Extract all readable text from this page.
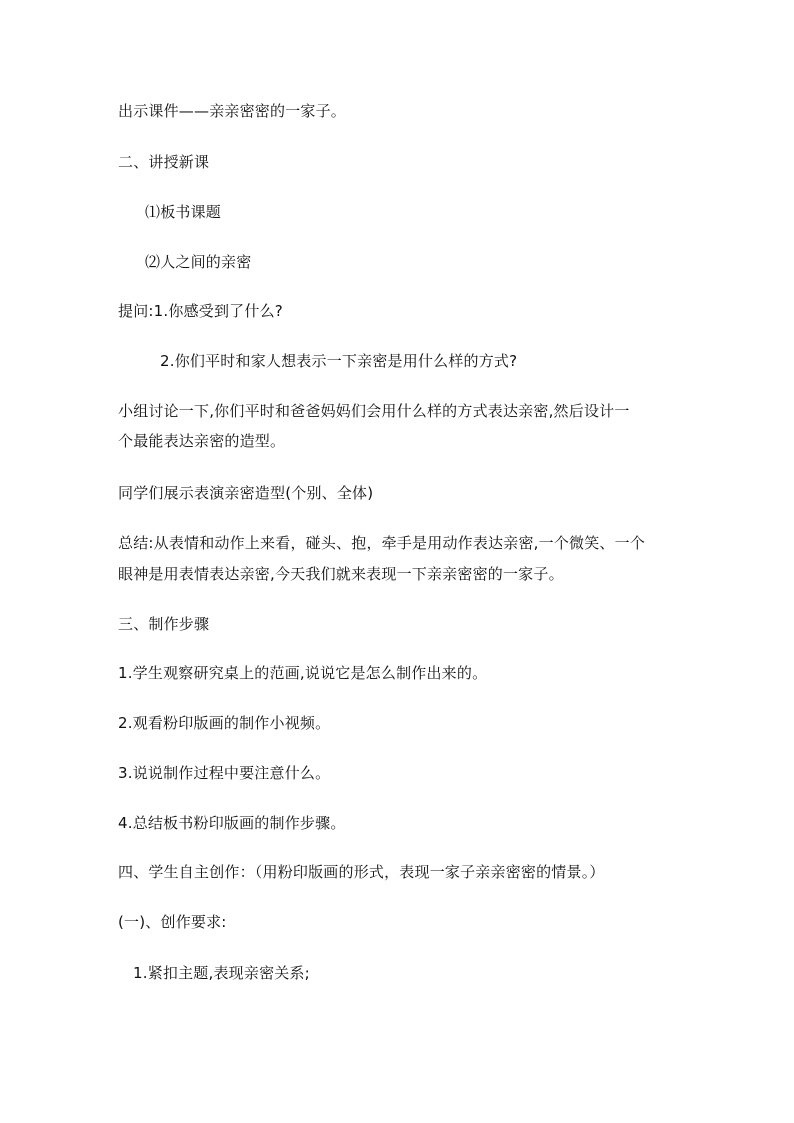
出示课件——亲亲密密的一家子。
二、讲授新课
⑴板书课题
⑵人之间的亲密
提问:1.你感受到了什么?
2.你们平时和家人想表示一下亲密是用什么样的方式?
小组讨论一下,你们平时和爸爸妈妈们会用什么样的方式表达亲密,然后设计一
个最能表达亲密的造型。
同学们展示表演亲密造型(个别、全体)
总结:从表情和动作上来看，碰头、抱，牵手是用动作表达亲密,一个微笑、一个
眼神是用表情表达亲密,今天我们就来表现一下亲亲密密的一家子。
三、制作步骤
1.学生观察研究桌上的范画,说说它是怎么制作出来的。
2.观看粉印版画的制作小视频。
3.说说制作过程中要注意什么。
4.总结板书粉印版画的制作步骤。
四、学生自主创作：（用粉印版画的形式，表现一家子亲亲密密的情景。）
(一)、创作要求:
1.紧扣主题,表现亲密关系;
